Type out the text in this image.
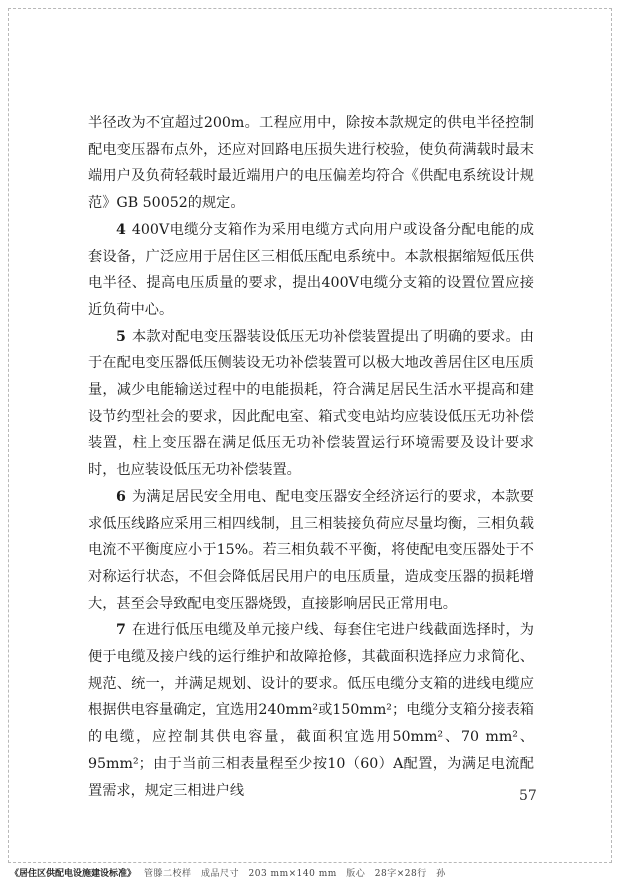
半径改为不宜超过200m。工程应用中，除按本款规定的供电半径控制配电变压器布点外，还应对回路电压损失进行校验，使负荷满载时最末端用户及负荷轻载时最近端用户的电压偏差均符合《供配电系统设计规范》GB 50052的规定。

4 400V电缆分支箱作为采用电缆方式向用户或设备分配电能的成套设备，广泛应用于居住区三相低压配电系统中。本款根据缩短低压供电半径、提高电压质量的要求，提出400V电缆分支箱的设置位置应接近负荷中心。

5 本款对配电变压器装设低压无功补偿装置提出了明确的要求。由于在配电变压器低压侧装设无功补偿装置可以极大地改善居住区电压质量，减少电能输送过程中的电能损耗，符合满足居民生活水平提高和建设节约型社会的要求，因此配电室、箱式变电站均应装设低压无功补偿装置，柱上变压器在满足低压无功补偿装置运行环境需要及设计要求时，也应装设低压无功补偿装置。

6 为满足居民安全用电、配电变压器安全经济运行的要求，本款要求低压线路应采用三相四线制，且三相装接负荷应尽量均衡，三相负载电流不平衡度应小于15%。若三相负载不平衡，将使配电变压器处于不对称运行状态，不但会降低居民用户的电压质量，造成变压器的损耗增大，甚至会导致配电变压器烧毁，直接影响居民正常用电。

7 在进行低压电缆及单元接户线、每套住宅进户线截面选择时，为便于电缆及接户线的运行维护和故障抢修，其截面积选择应力求简化、规范、统一，并满足规划、设计的要求。低压电缆分支箱的进线电缆应根据供电容量确定，宜选用240mm²或150mm²；电缆分支箱分接表箱的电缆，应控制其供电容量，截面积宜选用50mm²、70 mm²、95mm²；由于当前三相表量程至少按10（60）A配置，为满足电流配置需求，规定三相进户线	57
《居住区供配电设施建设标准》 管滕二校样　成品尺寸　203 mm×140 mm　版心　28字×28行　孙
